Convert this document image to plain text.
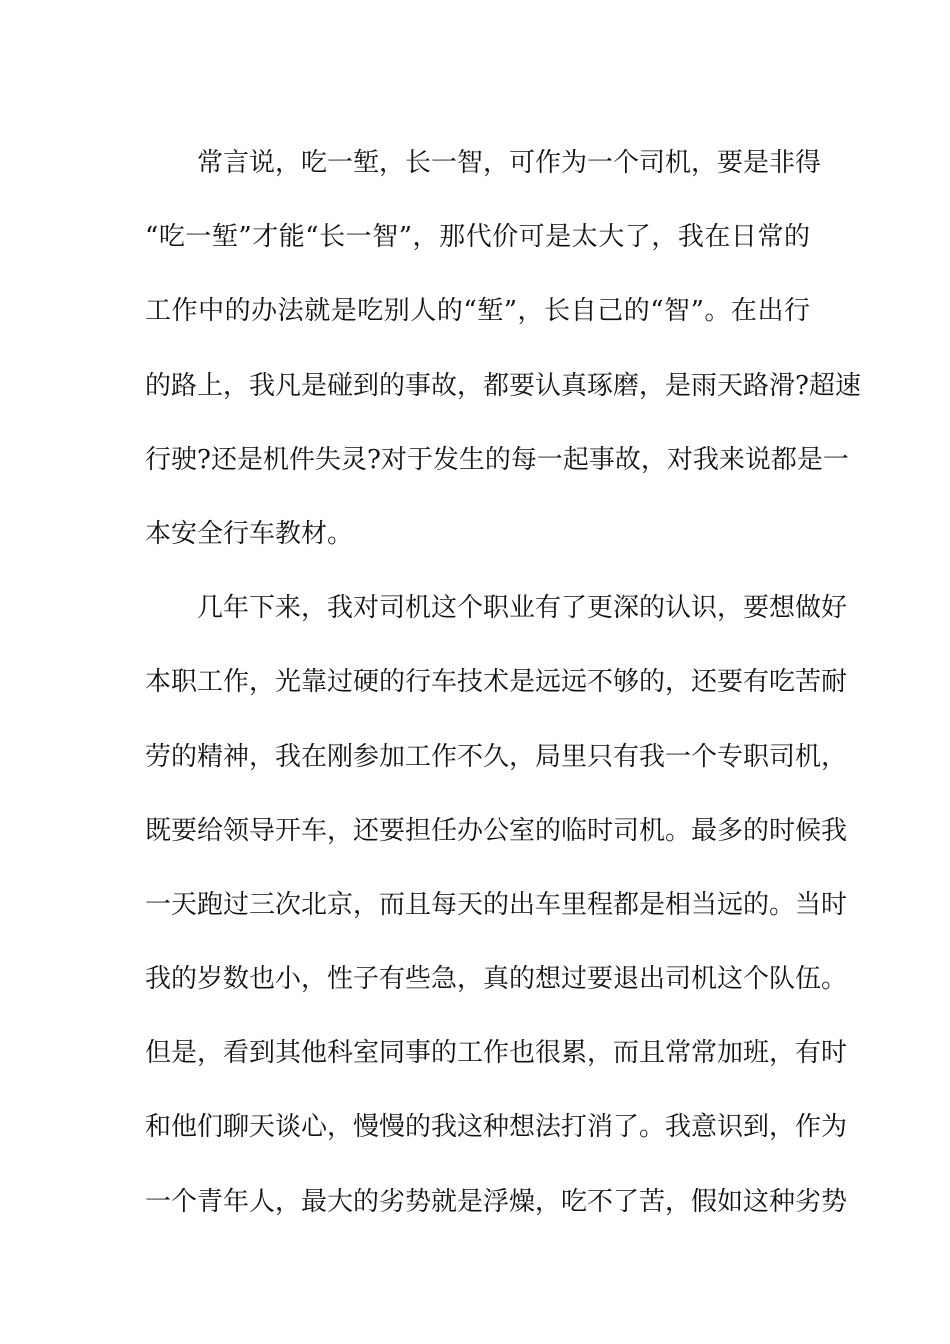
常言说，吃一堑，长一智，可作为一个司机，要是非得
“吃一堑”才能“长一智”，那代价可是太大了，我在日常的
工作中的办法就是吃别人的“堑”，长自己的“智”。在出行
的路上，我凡是碰到的事故，都要认真琢磨，是雨天路滑?超速
行驶?还是机件失灵?对于发生的每一起事故，对我来说都是一
本安全行车教材。
几年下来，我对司机这个职业有了更深的认识，要想做好
本职工作，光靠过硬的行车技术是远远不够的，还要有吃苦耐
劳的精神，我在刚参加工作不久，局里只有我一个专职司机，
既要给领导开车，还要担任办公室的临时司机。最多的时候我
一天跑过三次北京，而且每天的出车里程都是相当远的。当时
我的岁数也小，性子有些急，真的想过要退出司机这个队伍。
但是，看到其他科室同事的工作也很累，而且常常加班，有时
和他们聊天谈心，慢慢的我这种想法打消了。我意识到，作为
一个青年人，最大的劣势就是浮燥，吃不了苦，假如这种劣势
